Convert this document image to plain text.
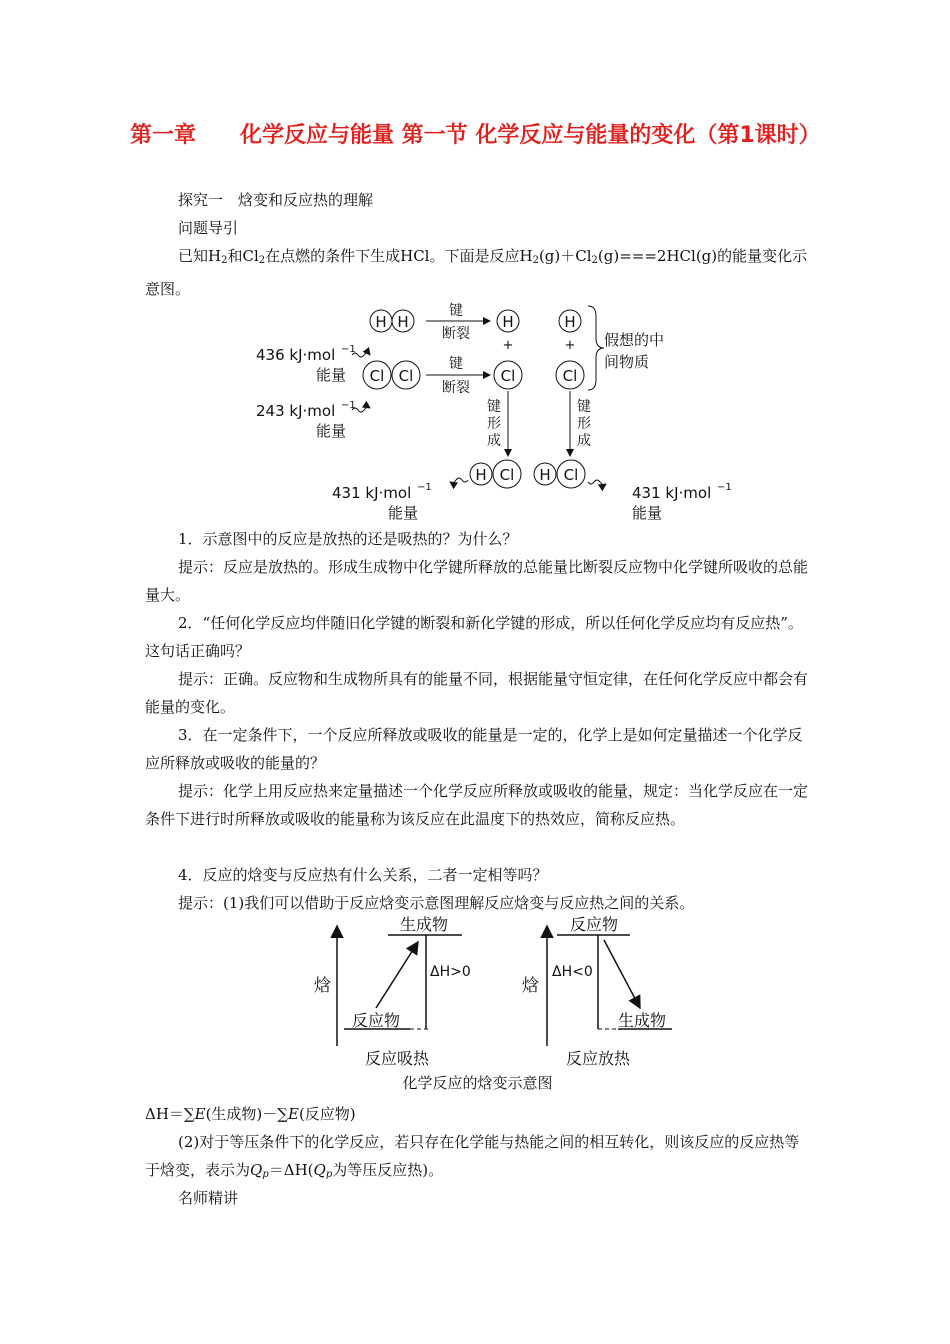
第一章　　化学反应与能量 第一节 化学反应与能量的变化（第1课时）

探究一　焓变和反应热的理解

问题导引

已知$H_2$和$Cl_2$在点燃的条件下生成HCl。下面是反应$H_2(g)+Cl_2(g)===2HCl(g)$的能量变化示意图。

H H
Cl Cl
436 kJ·mol −1
能量
243 kJ·mol −1
能量
键
断裂
键
断裂
H
+
Cl
H
+
Cl
假想的中
间物质
键
形
成
键
形
成
H Cl H Cl
431 kJ·mol −1
能量
431 kJ·mol −1
能量

1．示意图中的反应是放热的还是吸热的？为什么？

提示：反应是放热的。形成生成物中化学键所释放的总能量比断裂反应物中化学键所吸收的总能量大。

2．“任何化学反应均伴随旧化学键的断裂和新化学键的形成，所以任何化学反应均有反应热”。这句话正确吗？

提示：正确。反应物和生成物所具有的能量不同，根据能量守恒定律，在任何化学反应中都会有能量的变化。

3．在一定条件下，一个反应所释放或吸收的能量是一定的，化学上是如何定量描述一个化学反应所释放或吸收的能量的？

提示：化学上用反应热来定量描述一个化学反应所释放或吸收的能量，规定：当化学反应在一定条件下进行时所释放或吸收的能量称为该反应在此温度下的热效应，简称反应热。

4．反应的焓变与反应热有什么关系，二者一定相等吗？

提示：(1)我们可以借助于反应焓变示意图理解反应焓变与反应热之间的关系。

焓
生成物
反应物
ΔH>0
反应吸热
焓
反应物
生成物
ΔH<0
反应放热
化学反应的焓变示意图

ΔH＝∑E(生成物)－∑E(反应物)

(2)对于等压条件下的化学反应，若只存在化学能与热能之间的相互转化，则该反应的反应热等于焓变，表示为$Q_p=\Delta H(Q_p$为等压反应热)。

名师精讲
